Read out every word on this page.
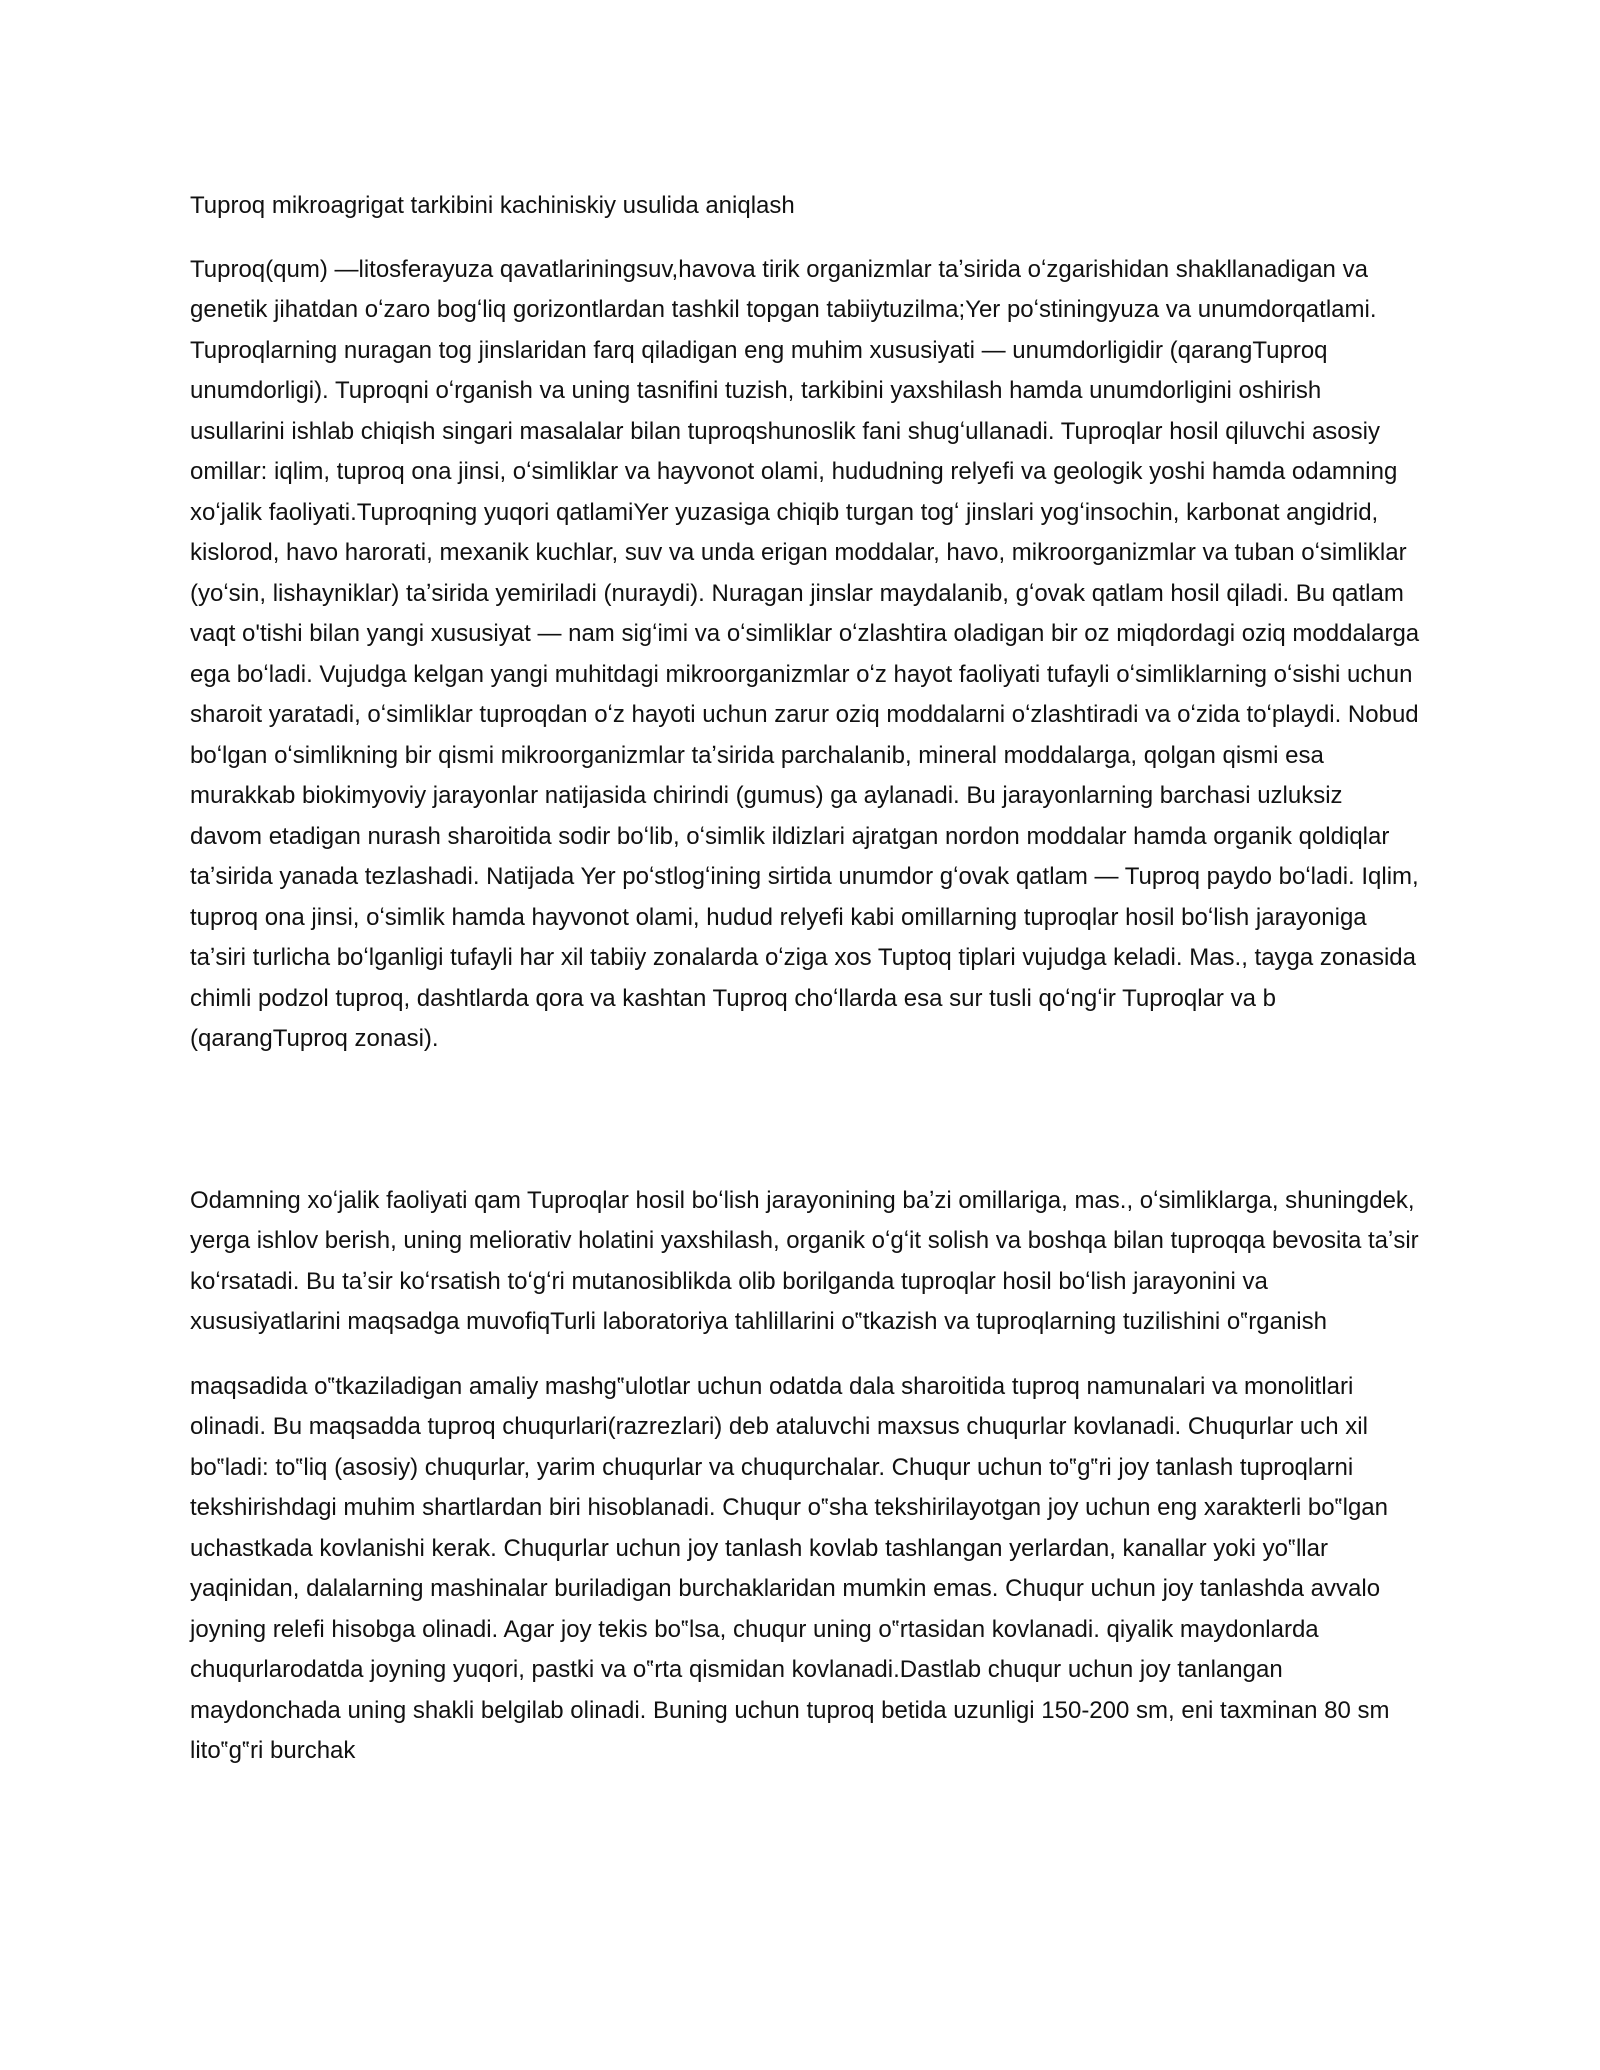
Tuproq mikroagrigat tarkibini kachiniskiy usulida aniqlash

Tuproq(qum) —litosferayuza qavatlariningsuv,havova tirik organizmlar taʼsirida oʻzgarishidan shakllanadigan va genetik jihatdan oʻzaro bogʻliq gorizontlardan tashkil topgan tabiiytuzilma;Yer poʻstiningyuza va unumdorqatlami. Tuproqlarning nuragan tog jinslaridan farq qiladigan eng muhim xususiyati — unumdorligidir (qarangTuproq unumdorligi). Tuproqni oʻrganish va uning tasnifini tuzish, tarkibini yaxshilash hamda unumdorligini oshirish usullarini ishlab chiqish singari masalalar bilan tuproqshunoslik fani shugʻullanadi. Tuproqlar hosil qiluvchi asosiy omillar: iqlim, tuproq ona jinsi, oʻsimliklar va hayvonot olami, hududning relyefi va geologik yoshi hamda odamning xoʻjalik faoliyati.Tuproqning yuqori qatlamiYer yuzasiga chiqib turgan togʻ jinslari yogʻinsochin, karbonat angidrid, kislorod, havo harorati, mexanik kuchlar, suv va unda erigan moddalar, havo, mikroorganizmlar va tuban oʻsimliklar (yoʻsin, lishayniklar) taʼsirida yemiriladi (nuraydi). Nuragan jinslar maydalanib, gʻovak qatlam hosil qiladi. Bu qatlam vaqt o'tishi bilan yangi xususiyat — nam sigʻimi va oʻsimliklar oʻzlashtira oladigan bir oz miqdordagi oziq moddalarga ega boʻladi. Vujudga kelgan yangi muhitdagi mikroorganizmlar oʻz hayot faoliyati tufayli oʻsimliklarning oʻsishi uchun sharoit yaratadi, oʻsimliklar tuproqdan oʻz hayoti uchun zarur oziq moddalarni oʻzlashtiradi va oʻzida toʻplaydi. Nobud boʻlgan oʻsimlikning bir qismi mikroorganizmlar taʼsirida parchalanib, mineral moddalarga, qolgan qismi esa murakkab biokimyoviy jarayonlar natijasida chirindi (gumus) ga aylanadi. Bu jarayonlarning barchasi uzluksiz davom etadigan nurash sharoitida sodir boʻlib, oʻsimlik ildizlari ajratgan nordon moddalar hamda organik qoldiqlar taʼsirida yanada tezlashadi. Natijada Yer poʻstlogʻining sirtida unumdor gʻovak qatlam — Tuproq paydo boʻladi. Iqlim, tuproq ona jinsi, oʻsimlik hamda hayvonot olami, hudud relyefi kabi omillarning tuproqlar hosil boʻlish jarayoniga taʼsiri turlicha boʻlganligi tufayli har xil tabiiy zonalarda oʻziga xos Tuptoq tiplari vujudga keladi. Mas., tayga zonasida chimli podzol tuproq, dashtlarda qora va kashtan Tuproq choʻllarda esa sur tusli qoʻngʻir Tuproqlar va b (qarangTuproq zonasi).

Odamning xoʻjalik faoliyati qam Tuproqlar hosil boʻlish jarayonining baʼzi omillariga, mas., oʻsimliklarga, shuningdek, yerga ishlov berish, uning meliorativ holatini yaxshilash, organik oʻgʻit solish va boshqa bilan tuproqqa bevosita taʼsir koʻrsatadi. Bu taʼsir koʻrsatish toʻgʻri mutanosiblikda olib borilganda tuproqlar hosil boʻlish jarayonini va xususiyatlarini maqsadga muvofiqTurli laboratoriya tahlillarini o‟tkazish va tuproqlarning tuzilishini o‟rganish

maqsadida o‟tkaziladigan amaliy mashg‟ulotlar uchun odatda dala sharoitida tuproq namunalari va monolitlari olinadi. Bu maqsadda tuproq chuqurlari(razrezlari) deb ataluvchi maxsus chuqurlar kovlanadi. Chuqurlar uch xil bo‟ladi: to‟liq (asosiy) chuqurlar, yarim chuqurlar va chuqurchalar. Chuqur uchun to‟g‟ri joy tanlash tuproqlarni tekshirishdagi muhim shartlardan biri hisoblanadi. Chuqur o‟sha tekshirilayotgan joy uchun eng xarakterli bo‟lgan uchastkada kovlanishi kerak. Chuqurlar uchun joy tanlash kovlab tashlangan yerlardan, kanallar yoki yo‟llar yaqinidan, dalalarning mashinalar buriladigan burchaklaridan mumkin emas. Chuqur uchun joy tanlashda avvalo joyning relefi hisobga olinadi. Agar joy tekis bo‟lsa, chuqur uning o‟rtasidan kovlanadi. qiyalik maydonlarda chuqurlarodatda joyning yuqori, pastki va o‟rta qismidan kovlanadi.Dastlab chuqur uchun joy tanlangan maydonchada uning shakli belgilab olinadi. Buning uchun tuproq betida uzunligi 150-200 sm, eni taxminan 80 sm lito‟g‟ri burchak
